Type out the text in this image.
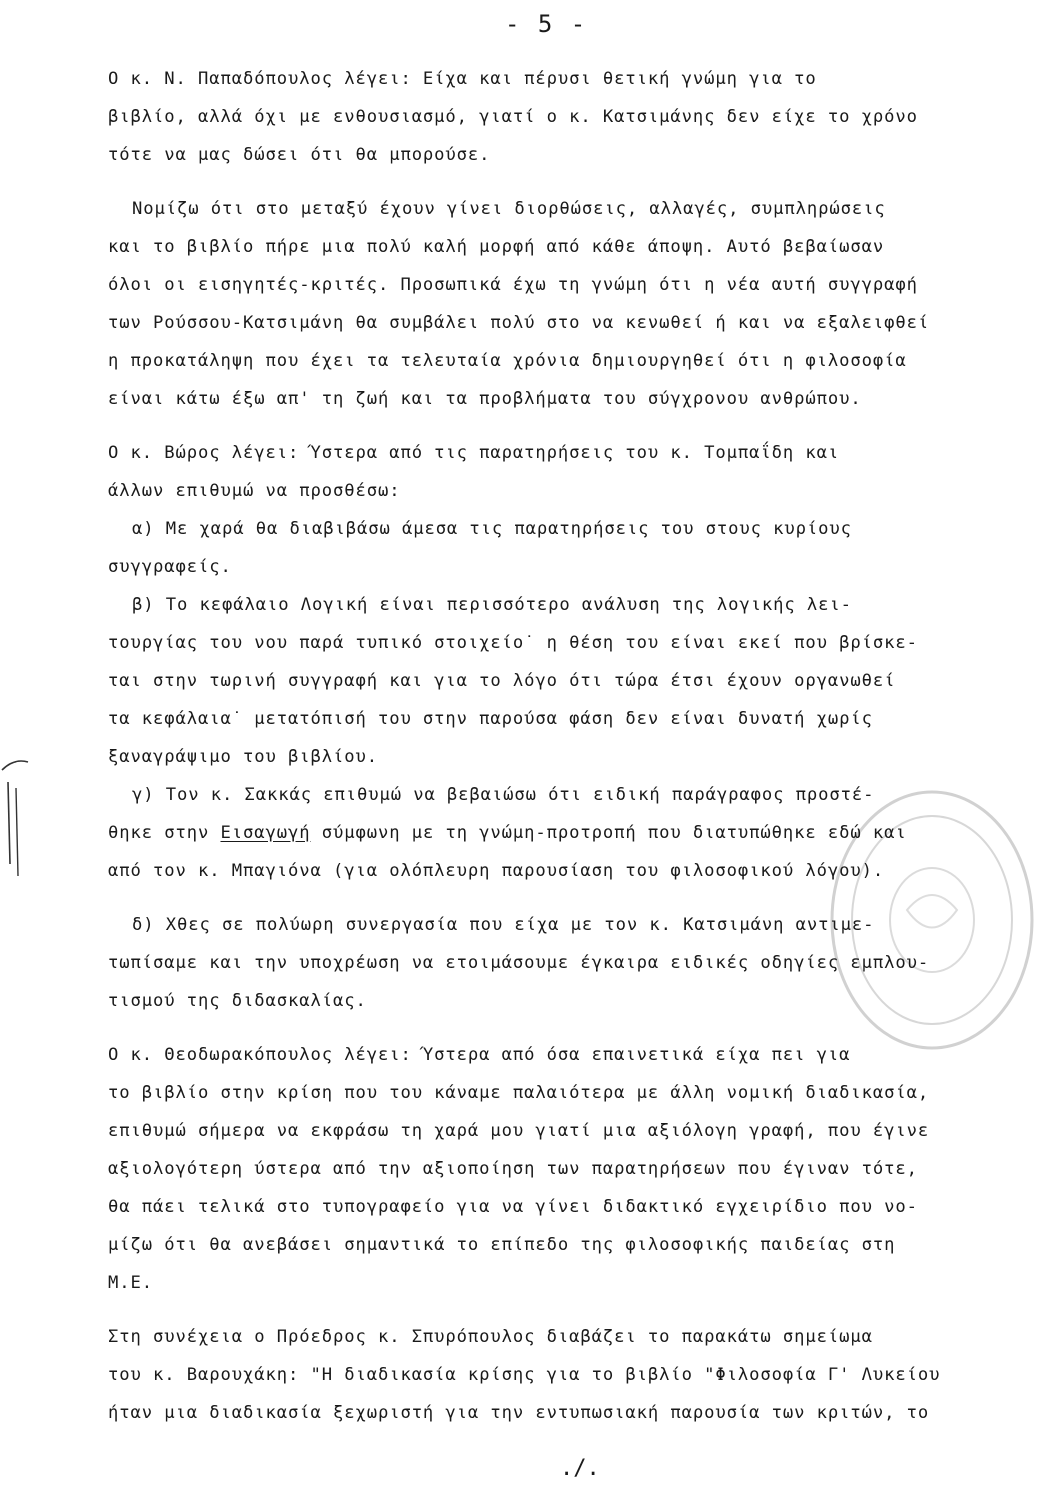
- 5 -
Ο κ. Ν. Παπαδόπουλος λέγει: Είχα και πέρυσι θετική γνώμη για το
βιβλίο, αλλά όχι με ενθουσιασμό, γιατί ο κ. Κατσιμάνης δεν είχε το χρόνο
τότε να μας δώσει ότι θα μπορούσε.
Νομίζω ότι στο μεταξύ έχουν γίνει διορθώσεις, αλλαγές, συμπληρώσεις
και το βιβλίο πήρε μια πολύ καλή μορφή από κάθε άποψη. Αυτό βεβαίωσαν
όλοι οι εισηγητές-κριτές. Προσωπικά έχω τη γνώμη ότι η νέα αυτή συγγραφή
των Ρούσσου-Κατσιμάνη θα συμβάλει πολύ στο να κενωθεί ή και να εξαλειφθεί
η προκατάληψη που έχει τα τελευταία χρόνια δημιουργηθεί ότι η φιλοσοφία
είναι κάτω έξω απ' τη ζωή και τα προβλήματα του σύγχρονου ανθρώπου.
Ο κ. Βώρος λέγει: Ύστερα από τις παρατηρήσεις του κ. Τομπαΐδη και
άλλων επιθυμώ να προσθέσω:
α) Με χαρά θα διαβιβάσω άμεσα τις παρατηρήσεις του στους κυρίους
συγγραφείς.
β) Το κεφάλαιο Λογική είναι περισσότερο ανάλυση της λογικής λει-
τουργίας του νου παρά τυπικό στοιχείο˙ η θέση του είναι εκεί που βρίσκε-
ται στην τωρινή συγγραφή και για το λόγο ότι τώρα έτσι έχουν οργανωθεί
τα κεφάλαια˙ μετατόπισή του στην παρούσα φάση δεν είναι δυνατή χωρίς
ξαναγράψιμο του βιβλίου.
γ) Τον κ. Σακκάς επιθυμώ να βεβαιώσω ότι ειδική παράγραφος προστέ-
θηκε στην Εισαγωγή σύμφωνη με τη γνώμη-προτροπή που διατυπώθηκε εδώ και
από τον κ. Μπαγιόνα (για ολόπλευρη παρουσίαση του φιλοσοφικού λόγου).
δ) Χθες σε πολύωρη συνεργασία που είχα με τον κ. Κατσιμάνη αντιμε-
τωπίσαμε και την υποχρέωση να ετοιμάσουμε έγκαιρα ειδικές οδηγίες εμπλου-
τισμού της διδασκαλίας.
Ο κ. Θεοδωρακόπουλος λέγει: Ύστερα από όσα επαινετικά είχα πει για
το βιβλίο στην κρίση που του κάναμε παλαιότερα με άλλη νομική διαδικασία,
επιθυμώ σήμερα να εκφράσω τη χαρά μου γιατί μια αξιόλογη γραφή, που έγινε
αξιολογότερη ύστερα από την αξιοποίηση των παρατηρήσεων που έγιναν τότε,
θα πάει τελικά στο τυπογραφείο για να γίνει διδακτικό εγχειρίδιο που νο-
μίζω ότι θα ανεβάσει σημαντικά το επίπεδο της φιλοσοφικής παιδείας στη
Μ.Ε.
Στη συνέχεια ο Πρόεδρος κ. Σπυρόπουλος διαβάζει το παρακάτω σημείωμα
του κ. Βαρουχάκη: "Η διαδικασία κρίσης για το βιβλίο "Φιλοσοφία Γ' Λυκείου
ήταν μια διαδικασία ξεχωριστή για την εντυπωσιακή παρουσία των κριτών, το
./.
